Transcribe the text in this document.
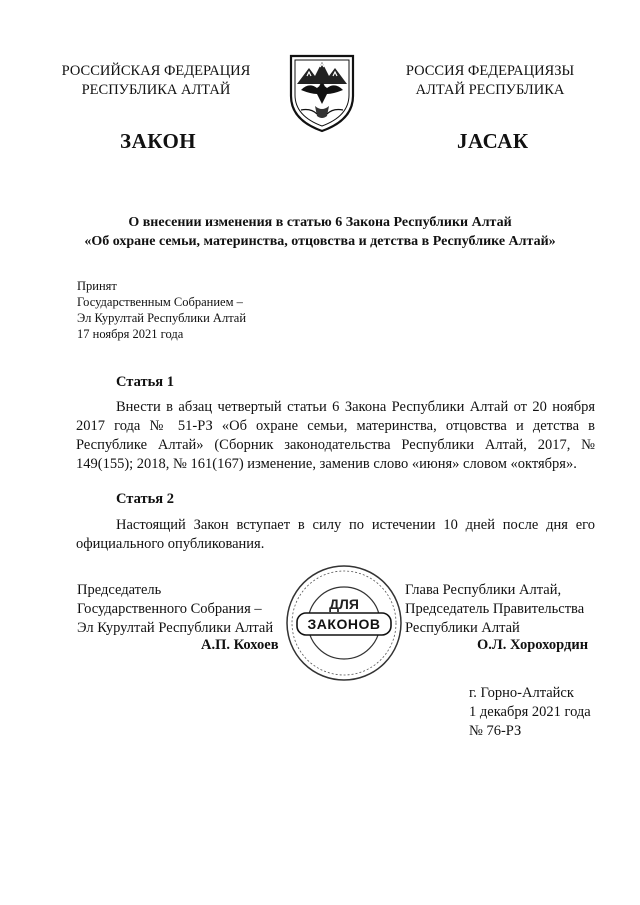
РОССИЙСКАЯ ФЕДЕРАЦИЯ
РЕСПУБЛИКА АЛТАЙ
РОССИЯ ФЕДЕРАЦИЯЗЫ
АЛТАЙ РЕСПУБЛИКА
ЗАКОН	JАСАК
О внесении изменения в статью 6 Закона Республики Алтай
«Об охране семьи, материнства, отцовства и детства в Республике Алтай»
Принят
Государственным Собранием –
Эл Курултай Республики Алтай
17 ноября 2021 года
Статья 1
Внести в абзац четвертый статьи 6 Закона Республики Алтай от 20 ноября 2017 года № 51-РЗ «Об охране семьи, материнства, отцовства и детства в Республике Алтай» (Сборник законодательства Республики Алтай, 2017, № 149(155); 2018, № 161(167) изменение, заменив слово «июня» словом «октября».
Статья 2
Настоящий Закон вступает в силу по истечении 10 дней после дня его официального опубликования.
Председатель
Государственного Собрания –
Эл Курултай Республики Алтай
А.П. Кохоев
Глава Республики Алтай,
Председатель Правительства
Республики Алтай
О.Л. Хорохордин
ДЛЯ
ЗАКОНОВ
г. Горно-Алтайск
1 декабря 2021 года
№ 76-РЗ
